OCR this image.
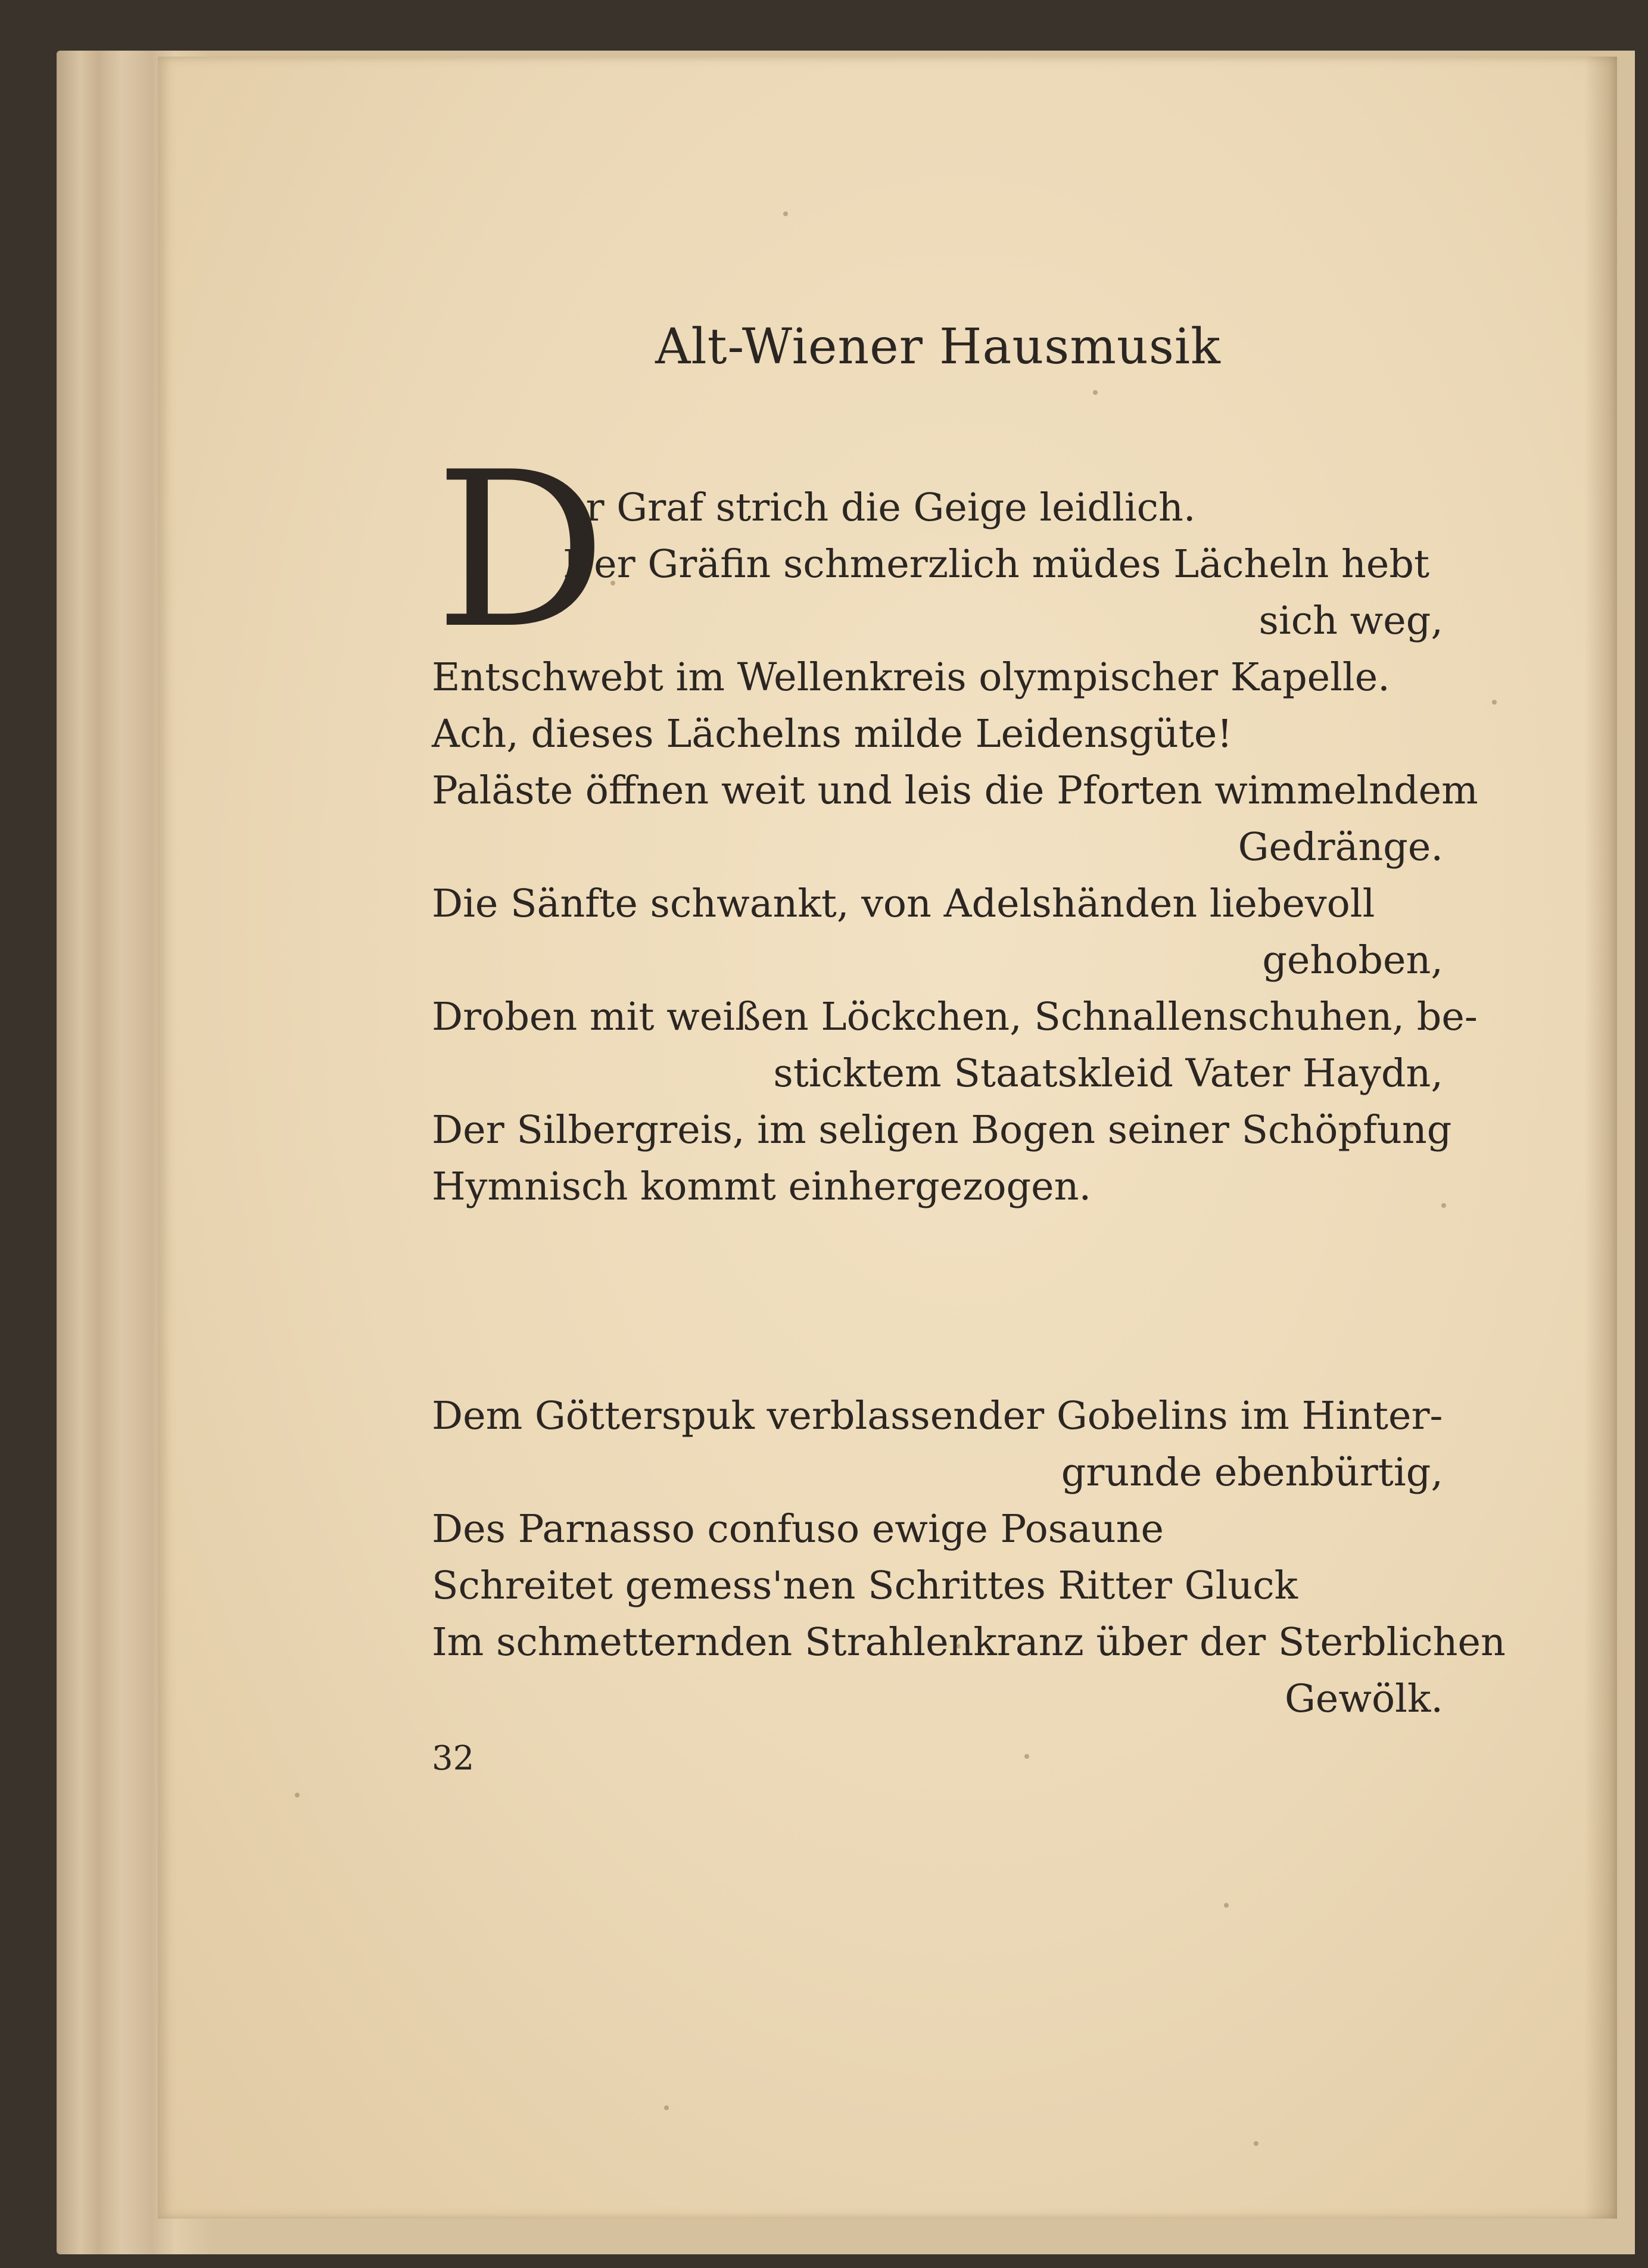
Alt-Wiener Hausmusik
D
er Graf strich die Geige leidlich.
Der Gräfin schmerzlich müdes Lächeln hebt
sich weg,
Entschwebt im Wellenkreis olympischer Kapelle.
Ach, dieses Lächelns milde Leidensgüte!
Paläste öffnen weit und leis die Pforten wimmelndem
Gedränge.
Die Sänfte schwankt, von Adelshänden liebevoll
gehoben,
Droben mit weißen Löckchen, Schnallenschuhen, be-
sticktem Staatskleid Vater Haydn,
Der Silbergreis, im seligen Bogen seiner Schöpfung
Hymnisch kommt einhergezogen.
Dem Götterspuk verblassender Gobelins im Hinter-
grunde ebenbürtig,
Des Parnasso confuso ewige Posaune
Schreitet gemess'nen Schrittes Ritter Gluck
Im schmetternden Strahlenkranz über der Sterblichen
Gewölk.
32
